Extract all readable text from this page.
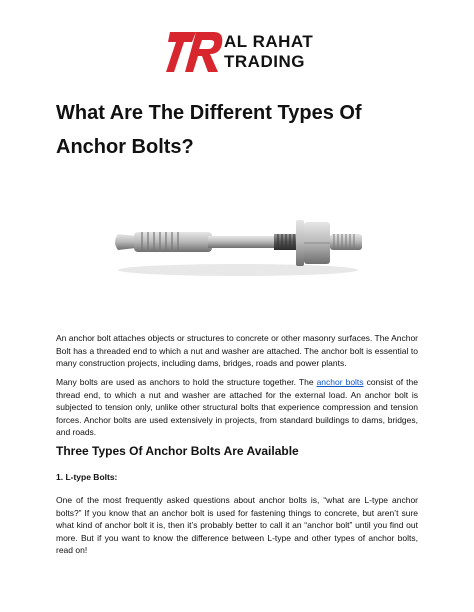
AL RAHAT
TRADING
What Are The Different Types Of Anchor Bolts?

An anchor bolt attaches objects or structures to concrete or other masonry surfaces. The Anchor Bolt has a threaded end to which a nut and washer are attached. The anchor bolt is essential to many construction projects, including dams, bridges, roads and power plants.

Many bolts are used as anchors to hold the structure together. The anchor bolts consist of the thread end, to which a nut and washer are attached for the external load. An anchor bolt is subjected to tension only, unlike other structural bolts that experience compression and tension forces. Anchor bolts are used extensively in projects, from standard buildings to dams, bridges, and roads.

Three Types Of Anchor Bolts Are Available
1. L-type Bolts:

One of the most frequently asked questions about anchor bolts is, “what are L-type anchor bolts?” If you know that an anchor bolt is used for fastening things to concrete, but aren’t sure what kind of anchor bolt it is, then it’s probably better to call it an “anchor bolt” until you find out more. But if you want to know the difference between L-type and other types of anchor bolts, read on!
